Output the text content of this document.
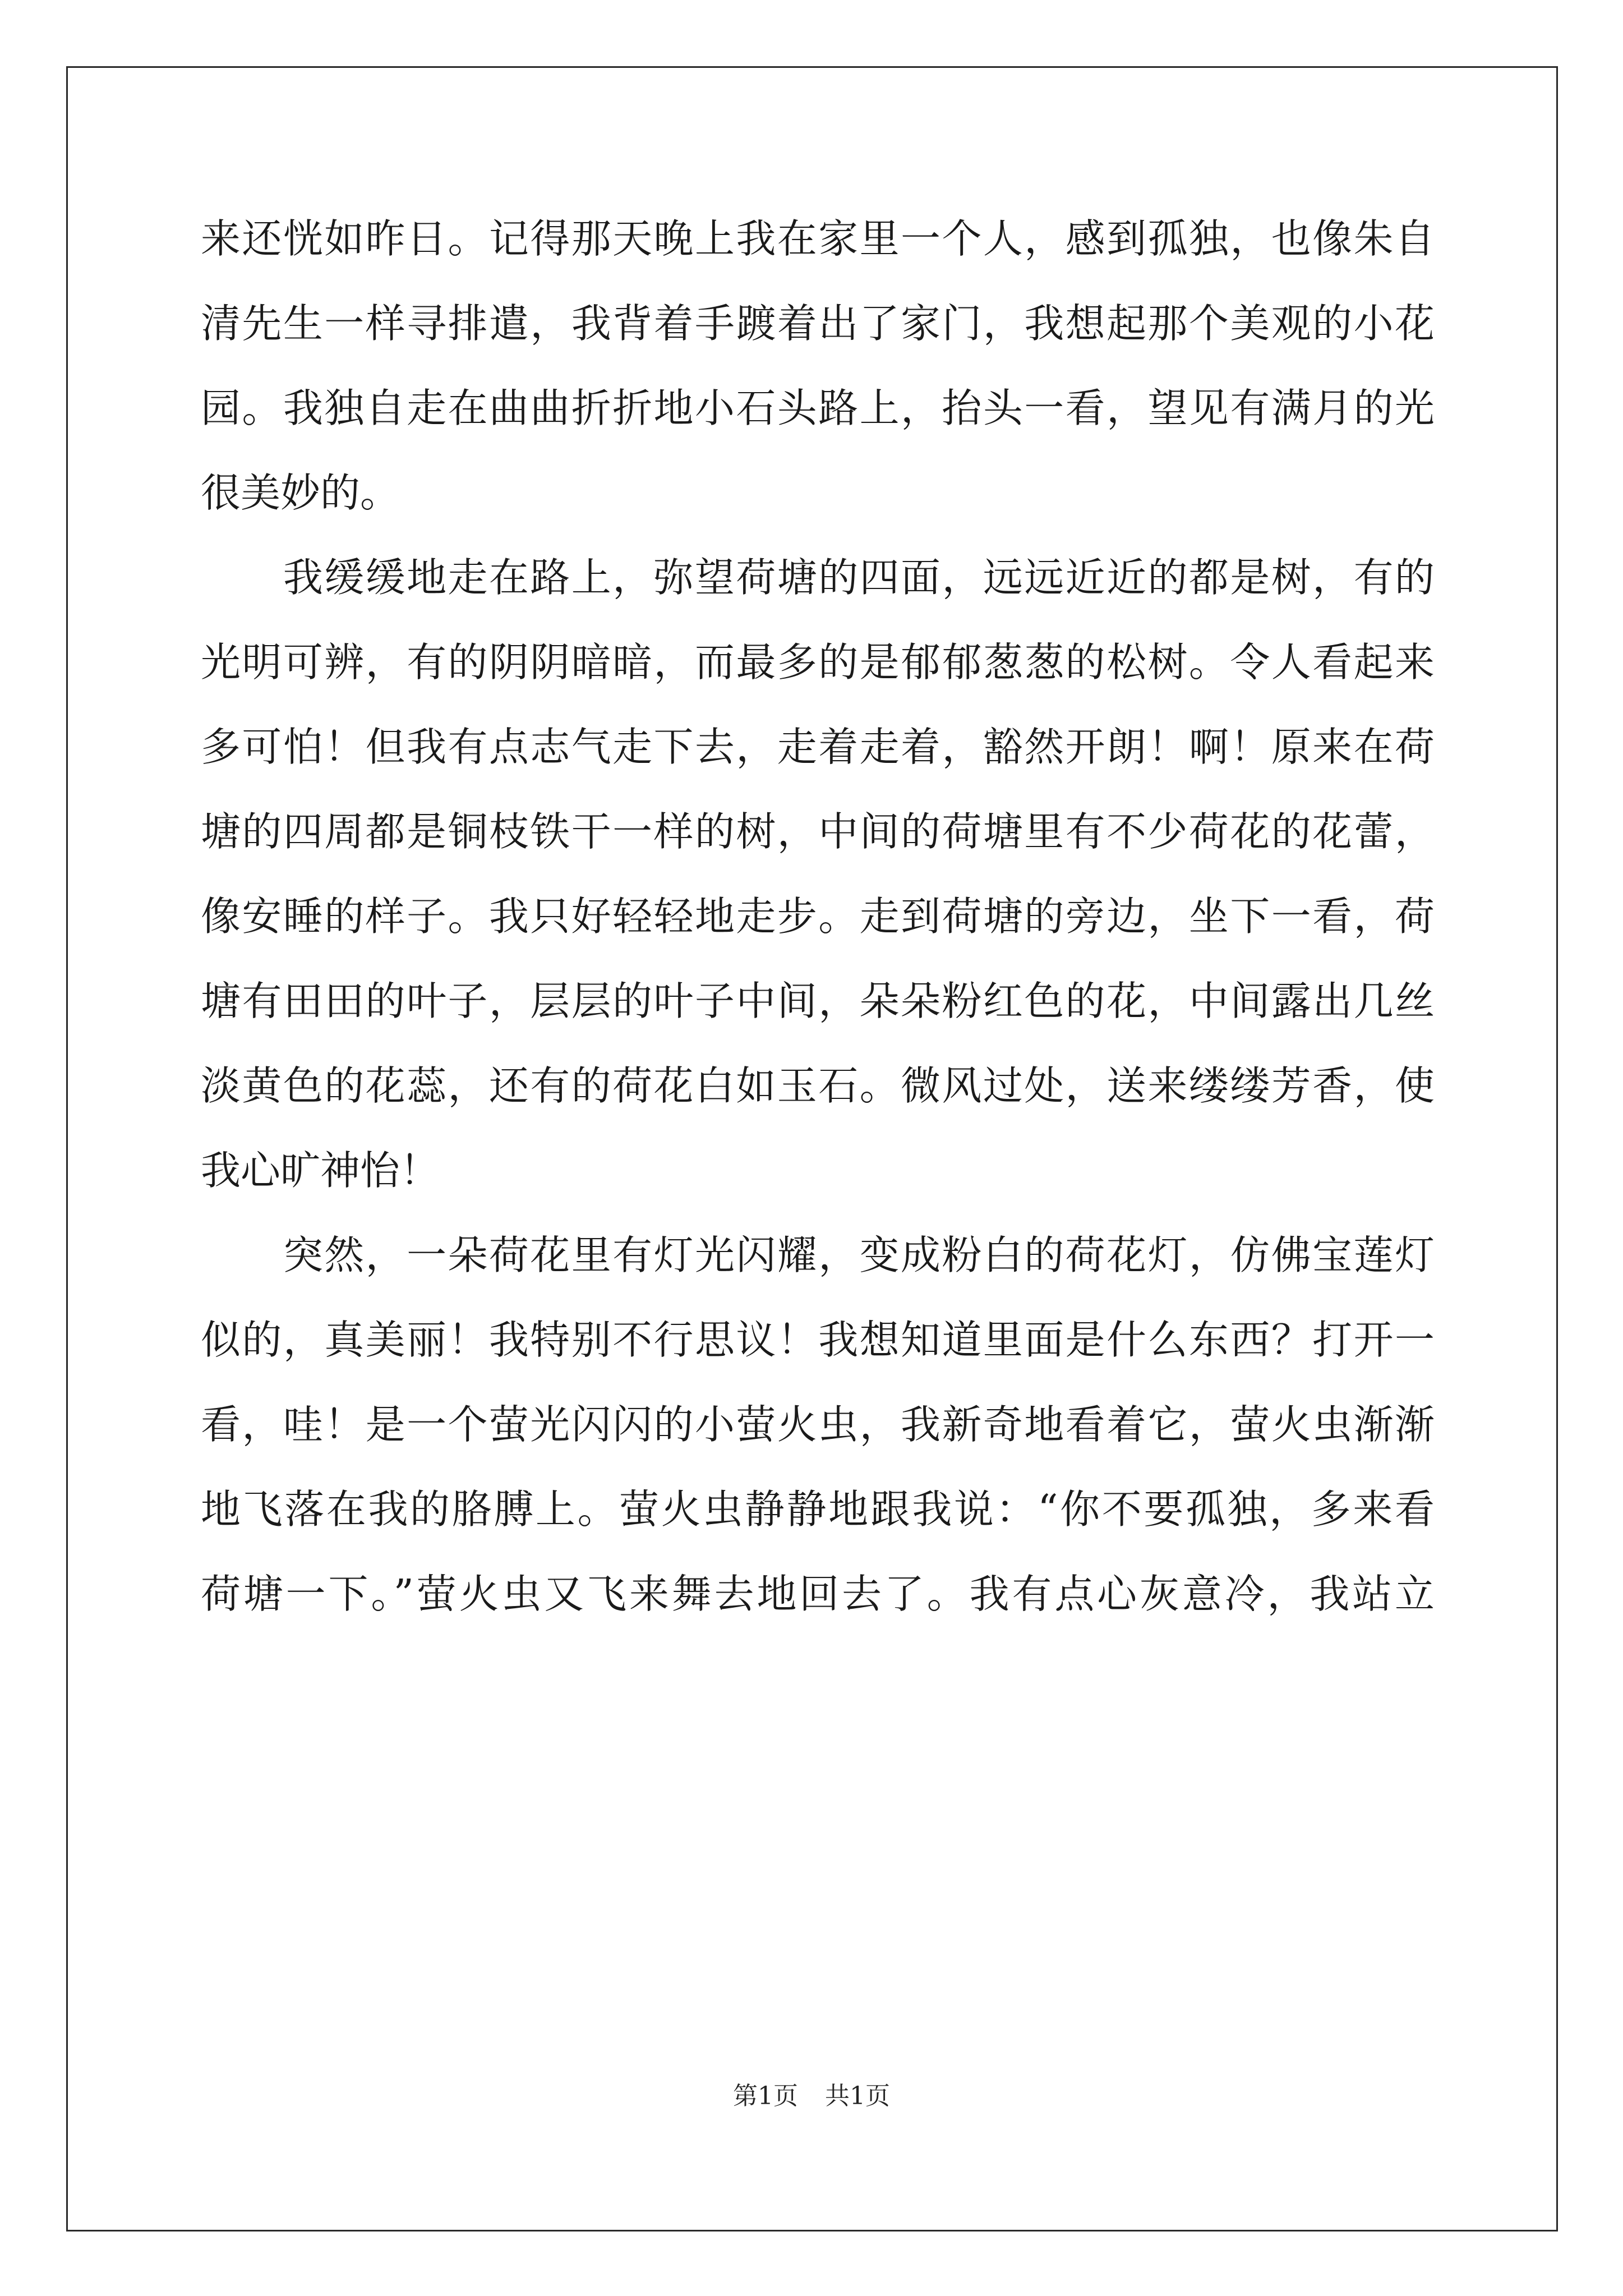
来还恍如昨日。记得那天晚上我在家里一个人，感到孤独，也像朱自
清先生一样寻排遣，我背着手踱着出了家门，我想起那个美观的小花
园。我独自走在曲曲折折地小石头路上，抬头一看，望见有满月的光
很美妙的。
　　我缓缓地走在路上，弥望荷塘的四面，远远近近的都是树，有的
光明可辨，有的阴阴暗暗，而最多的是郁郁葱葱的松树。令人看起来
多可怕！但我有点志气走下去，走着走着，豁然开朗！啊！原来在荷
塘的四周都是铜枝铁干一样的树，中间的荷塘里有不少荷花的花蕾，
像安睡的样子。我只好轻轻地走步。走到荷塘的旁边，坐下一看，荷
塘有田田的叶子，层层的叶子中间，朵朵粉红色的花，中间露出几丝
淡黄色的花蕊，还有的荷花白如玉石。微风过处，送来缕缕芳香，使
我心旷神怡！
　　突然，一朵荷花里有灯光闪耀，变成粉白的荷花灯，仿佛宝莲灯
似的，真美丽！我特别不行思议！我想知道里面是什么东西？打开一
看，哇！是一个萤光闪闪的小萤火虫，我新奇地看着它，萤火虫渐渐
地飞落在我的胳膊上。萤火虫静静地跟我说：“你不要孤独，多来看
荷塘一下。”萤火虫又飞来舞去地回去了。我有点心灰意冷，我站立
第1页 共1页
